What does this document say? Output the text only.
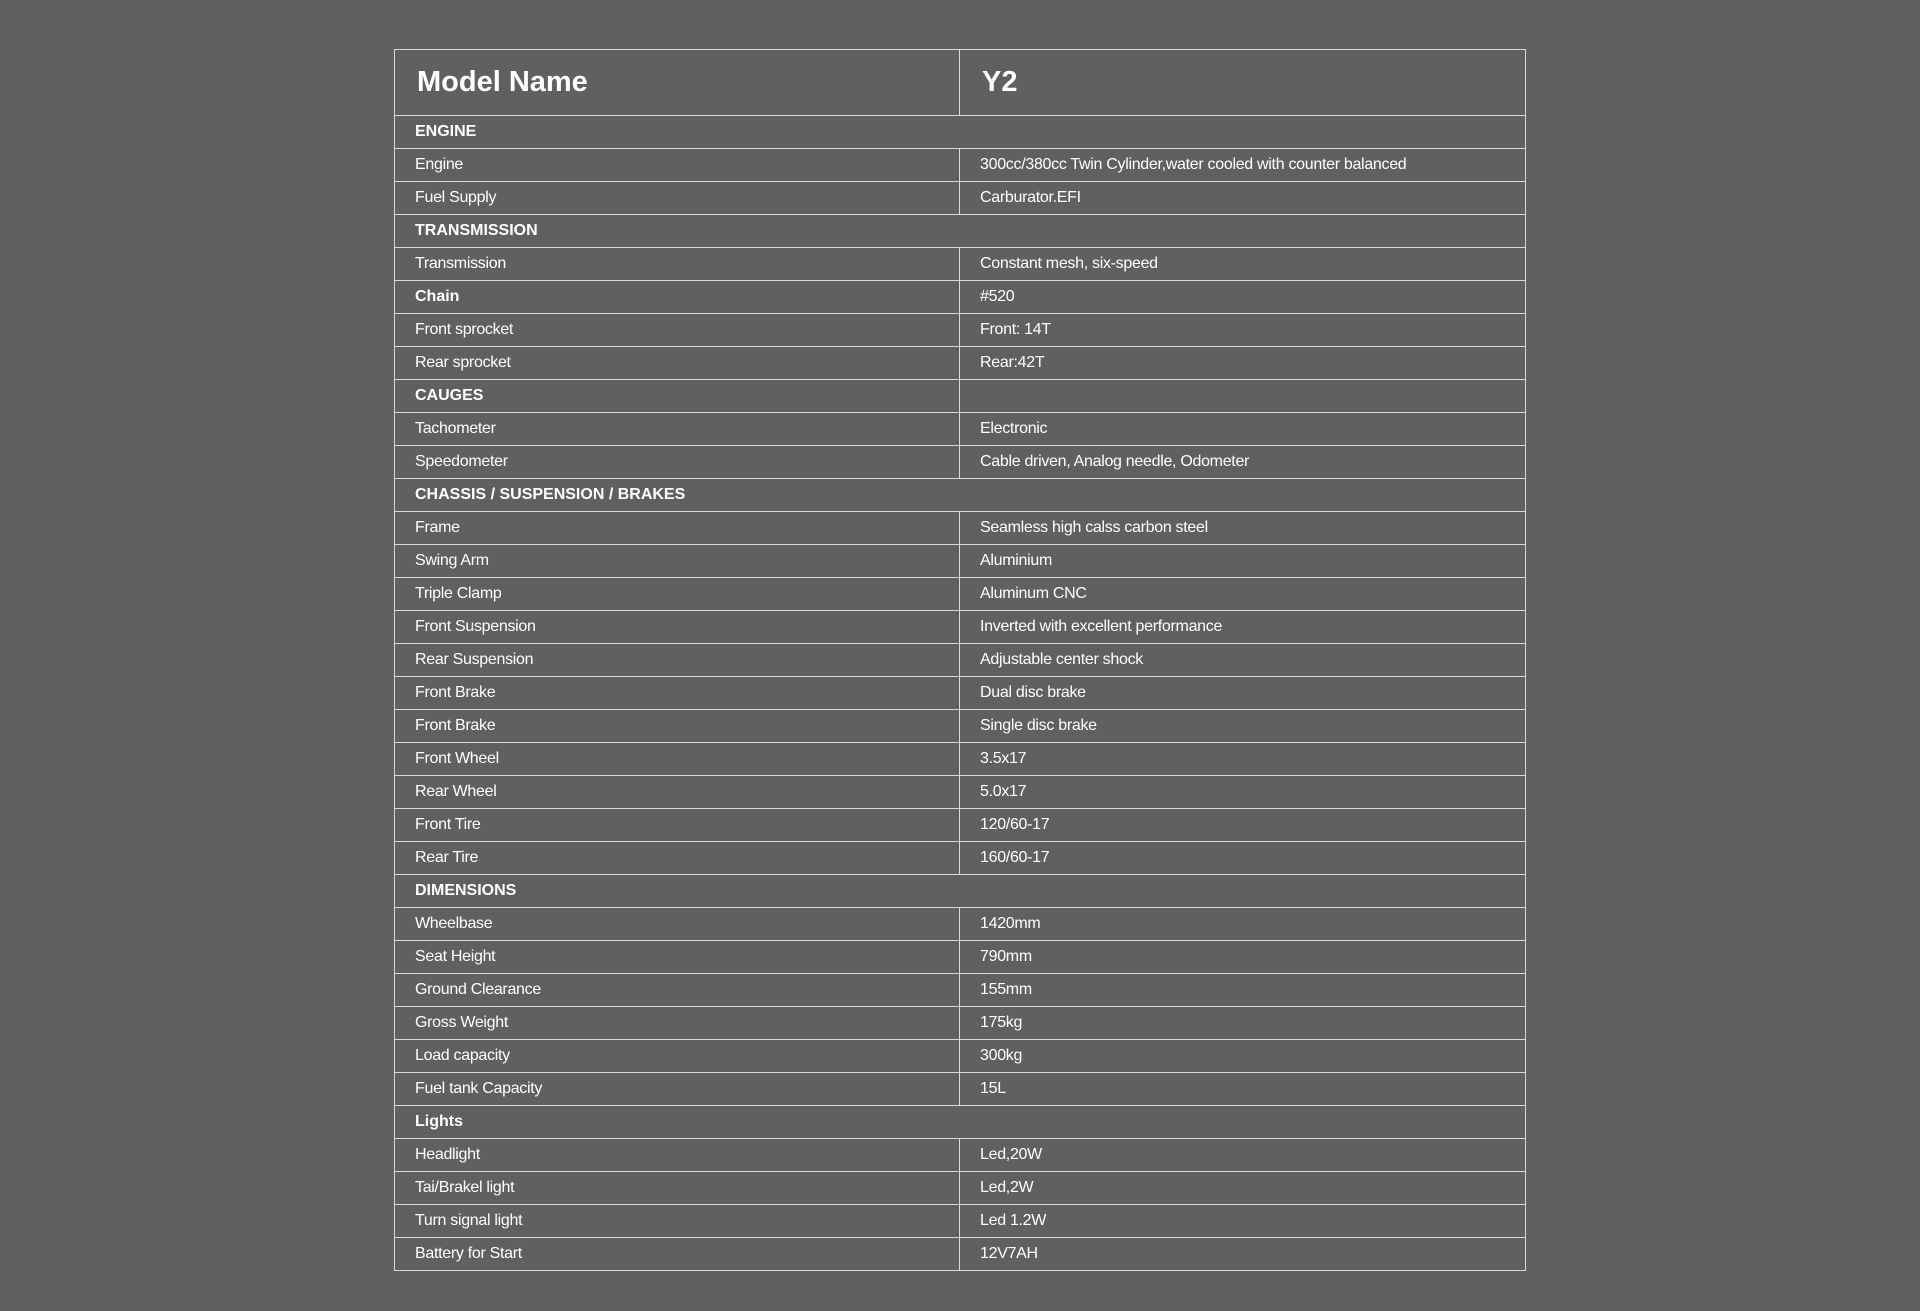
Model Name	Y2
ENGINE	
Engine	300cc/380cc Twin Cylinder,water cooled with counter balanced
Fuel Supply	Carburator.EFI
TRANSMISSION	
Transmission	Constant mesh, six-speed
Chain	#520
Front sprocket	Front: 14T
Rear sprocket	Rear:42T
CAUGES	
Tachometer	Electronic
Speedometer	Cable driven, Analog needle, Odometer
CHASSIS / SUSPENSION / BRAKES	
Frame	Seamless high calss carbon steel
Swing Arm	Aluminium
Triple Clamp	Aluminum CNC
Front Suspension	Inverted with excellent performance
Rear Suspension	Adjustable center shock
Front Brake	Dual disc brake
Front Brake	Single disc brake
Front Wheel	3.5x17
Rear Wheel	5.0x17
Front Tire	120/60-17
Rear Tire	160/60-17
DIMENSIONS	
Wheelbase	1420mm
Seat Height	790mm
Ground Clearance	155mm
Gross Weight	175kg
Load capacity	300kg
Fuel tank Capacity	15L
Lights	
Headlight	Led,20W
Tai/Brakel light	Led,2W
Turn signal light	Led 1.2W
Battery for Start	12V7AH
